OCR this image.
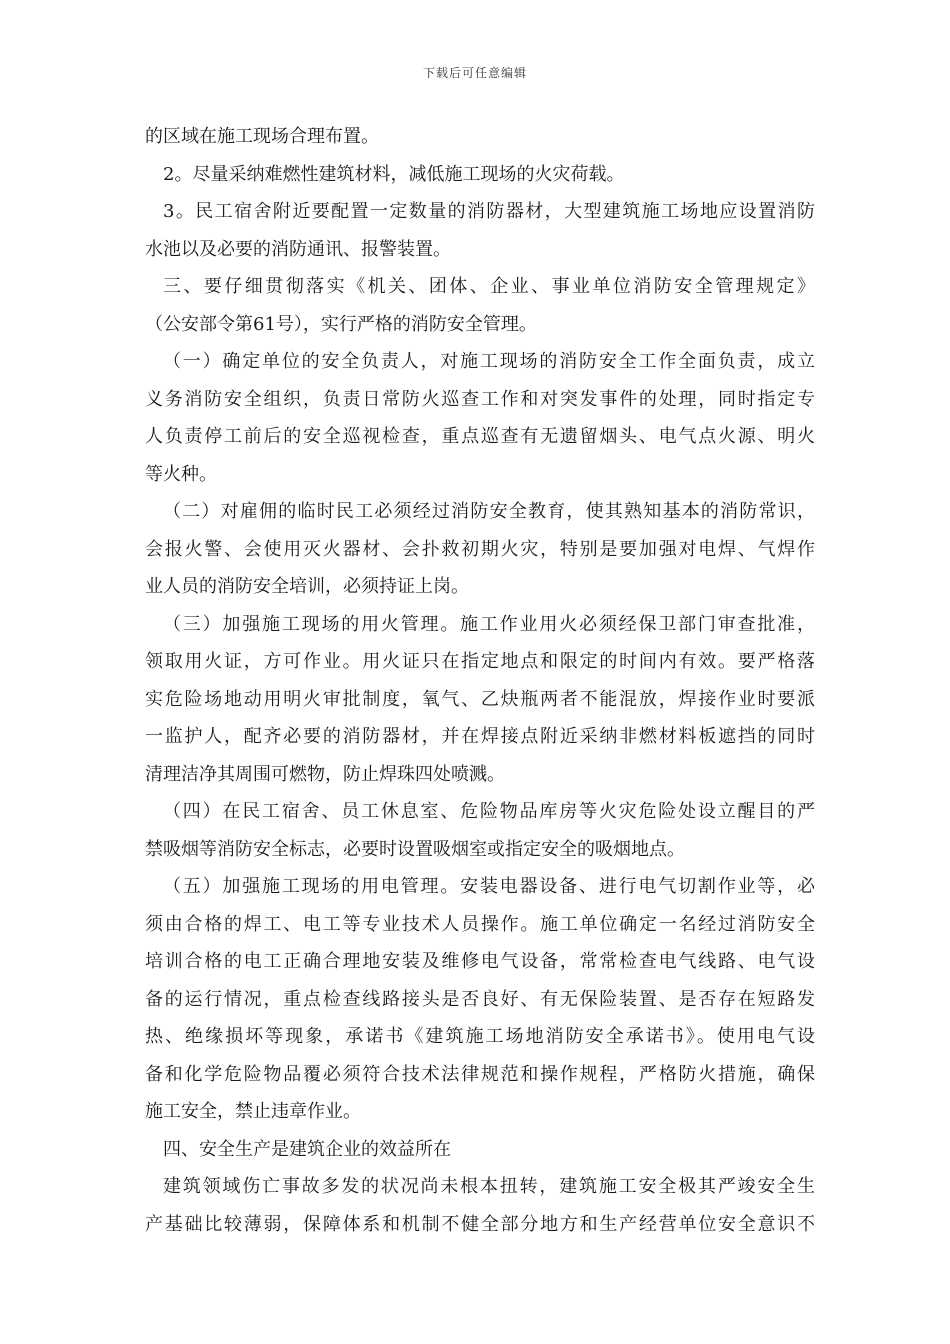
下载后可任意编辑
的区域在施工现场合理布置。
2。尽量采纳难燃性建筑材料，减低施工现场的火灾荷载。
3。民工宿舍附近要配置一定数量的消防器材，大型建筑施工场地应设置消防
水池以及必要的消防通讯、报警装置。
三、要仔细贯彻落实《机关、团体、企业、事业单位消防安全管理规定》
（公安部令第61号），实行严格的消防安全管理。
（一）确定单位的安全负责人，对施工现场的消防安全工作全面负责，成立
义务消防安全组织，负责日常防火巡查工作和对突发事件的处理，同时指定专
人负责停工前后的安全巡视检查，重点巡查有无遗留烟头、电气点火源、明火
等火种。
（二）对雇佣的临时民工必须经过消防安全教育，使其熟知基本的消防常识，
会报火警、会使用灭火器材、会扑救初期火灾，特别是要加强对电焊、气焊作
业人员的消防安全培训，必须持证上岗。
（三）加强施工现场的用火管理。施工作业用火必须经保卫部门审查批准，
领取用火证，方可作业。用火证只在指定地点和限定的时间内有效。要严格落
实危险场地动用明火审批制度，氧气、乙炔瓶两者不能混放，焊接作业时要派
一监护人，配齐必要的消防器材，并在焊接点附近采纳非燃材料板遮挡的同时
清理洁净其周围可燃物，防止焊珠四处喷溅。
（四）在民工宿舍、员工休息室、危险物品库房等火灾危险处设立醒目的严
禁吸烟等消防安全标志，必要时设置吸烟室或指定安全的吸烟地点。
（五）加强施工现场的用电管理。安装电器设备、进行电气切割作业等，必
须由合格的焊工、电工等专业技术人员操作。施工单位确定一名经过消防安全
培训合格的电工正确合理地安装及维修电气设备，常常检查电气线路、电气设
备的运行情况，重点检查线路接头是否良好、有无保险装置、是否存在短路发
热、绝缘损坏等现象，承诺书《建筑施工场地消防安全承诺书》。使用电气设
备和化学危险物品覆必须符合技术法律规范和操作规程，严格防火措施，确保
施工安全，禁止违章作业。
四、安全生产是建筑企业的效益所在
建筑领域伤亡事故多发的状况尚未根本扭转，建筑施工安全极其严竣安全生
产基础比较薄弱，保障体系和机制不健全部分地方和生产经营单位安全意识不
